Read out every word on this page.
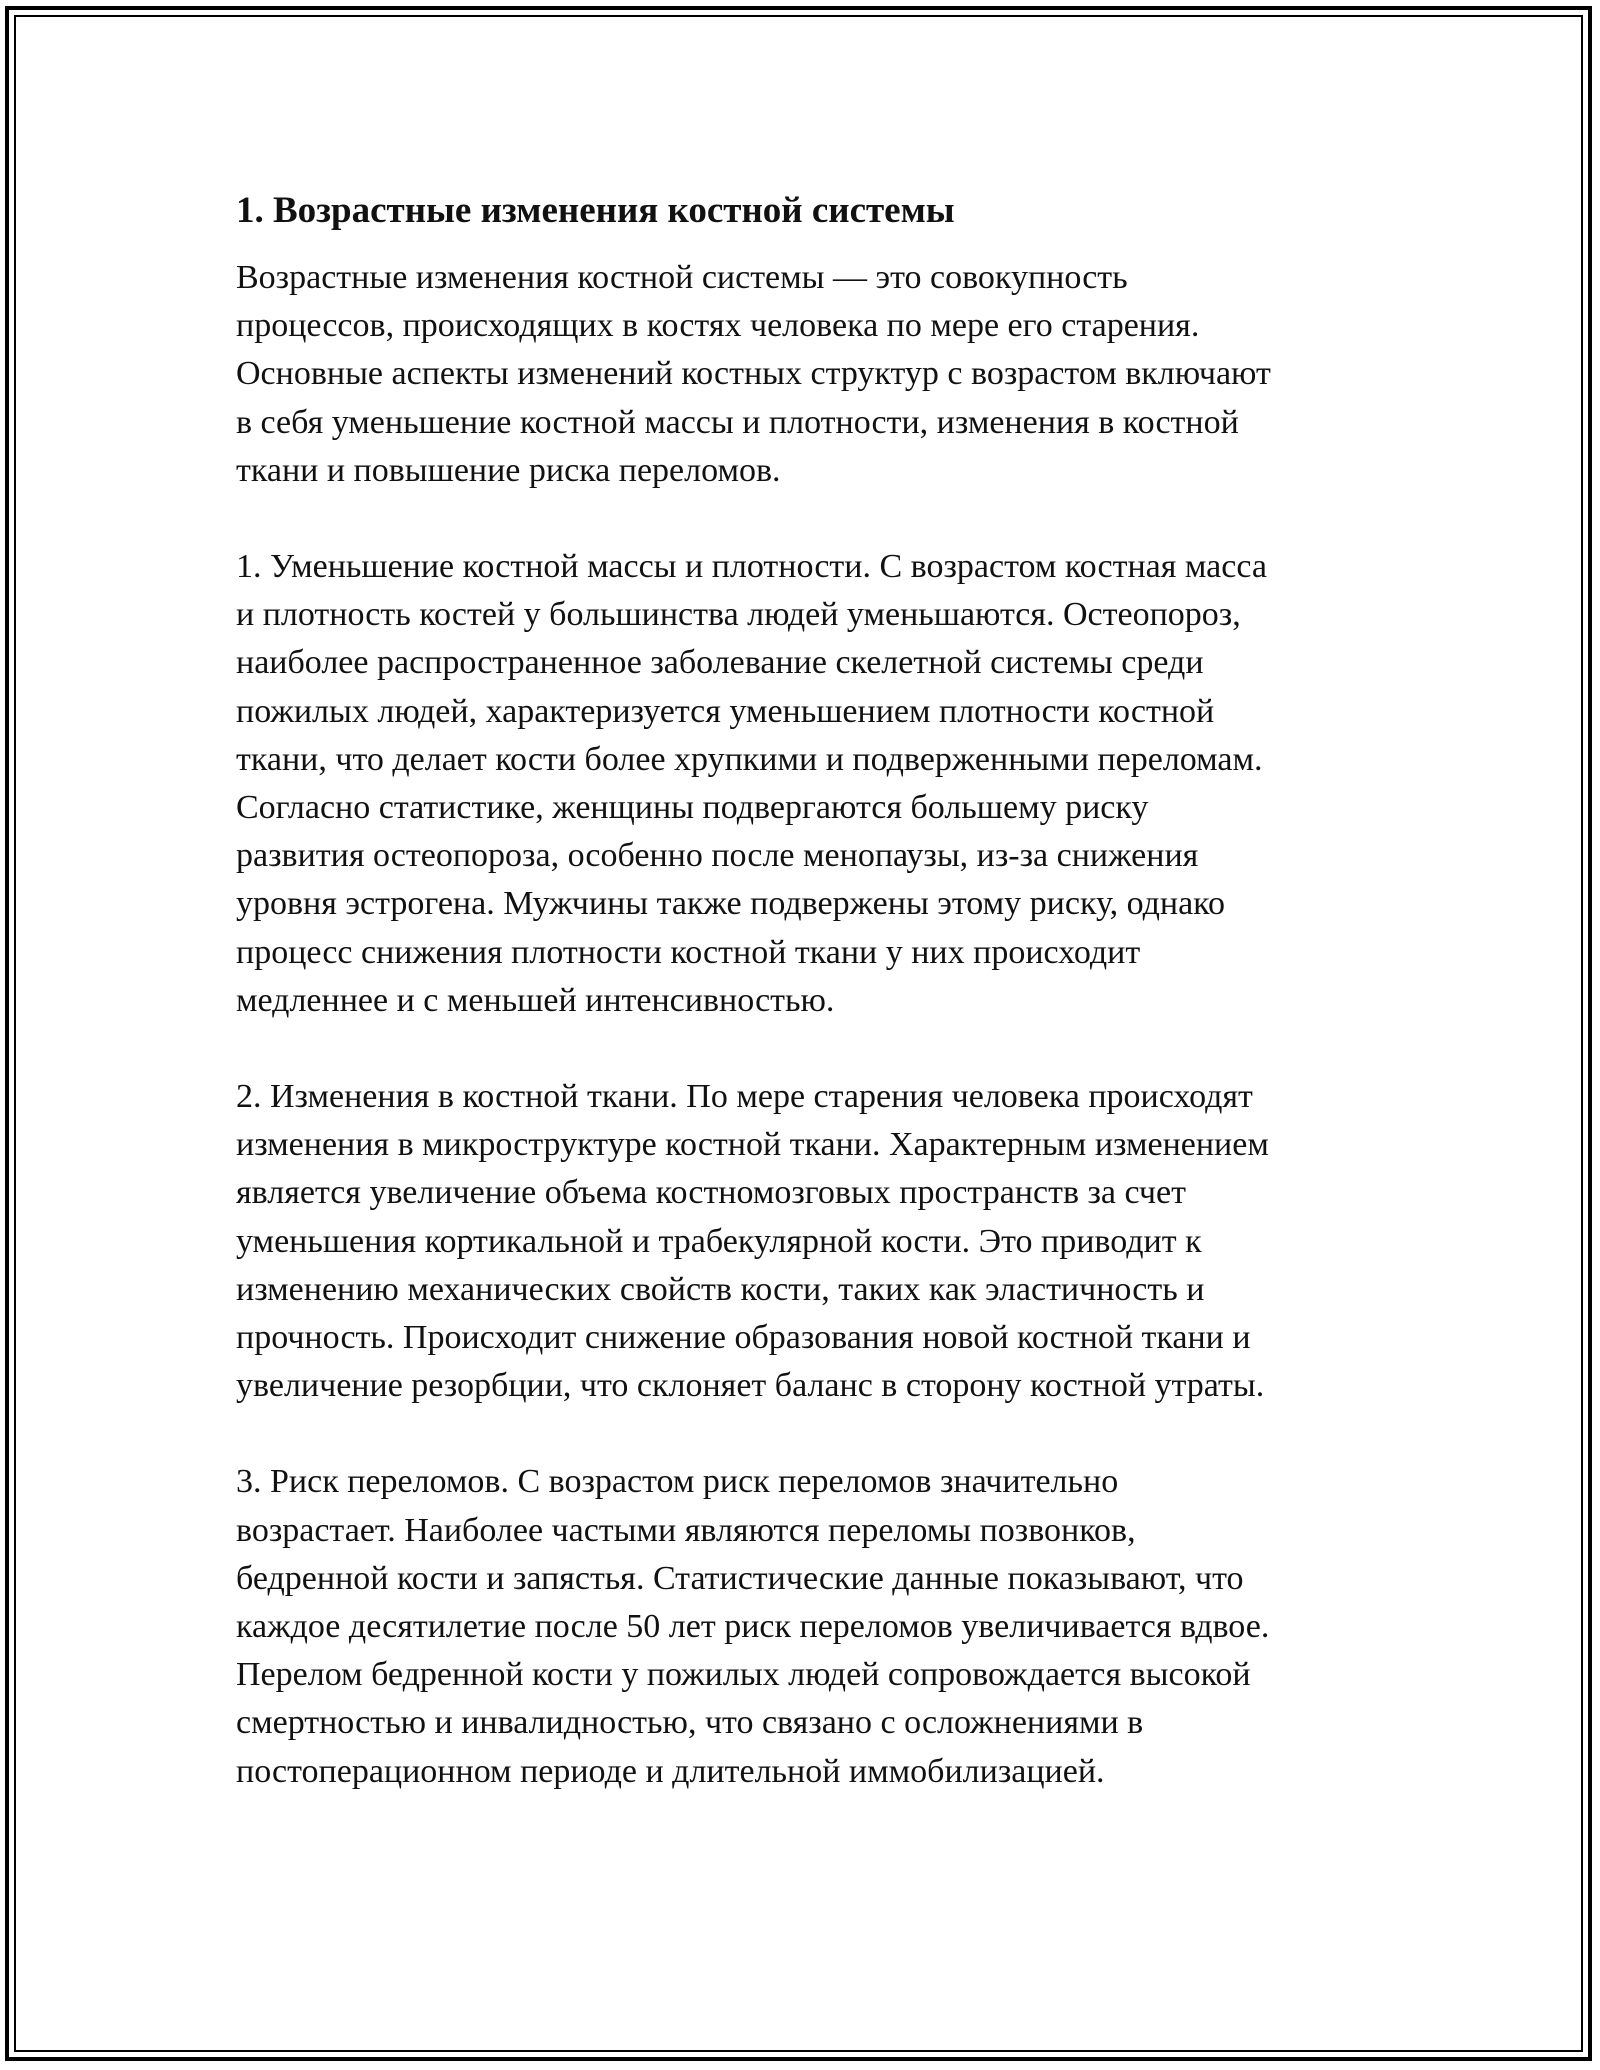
1. Возрастные изменения костной системы

Возрастные изменения костной системы — это совокупность
процессов, происходящих в костях человека по мере его старения.
Основные аспекты изменений костных структур с возрастом включают
в себя уменьшение костной массы и плотности, изменения в костной
ткани и повышение риска переломов.

1. Уменьшение костной массы и плотности. С возрастом костная масса
и плотность костей у большинства людей уменьшаются. Остеопороз,
наиболее распространенное заболевание скелетной системы среди
пожилых людей, характеризуется уменьшением плотности костной
ткани, что делает кости более хрупкими и подверженными переломам.
Согласно статистике, женщины подвергаются большему риску
развития остеопороза, особенно после менопаузы, из-за снижения
уровня эстрогена. Мужчины также подвержены этому риску, однако
процесс снижения плотности костной ткани у них происходит
медленнее и с меньшей интенсивностью.

2. Изменения в костной ткани. По мере старения человека происходят
изменения в микроструктуре костной ткани. Характерным изменением
является увеличение объема костномозговых пространств за счет
уменьшения кортикальной и трабекулярной кости. Это приводит к
изменению механических свойств кости, таких как эластичность и
прочность. Происходит снижение образования новой костной ткани и
увеличение резорбции, что склоняет баланс в сторону костной утраты.

3. Риск переломов. С возрастом риск переломов значительно
возрастает. Наиболее частыми являются переломы позвонков,
бедренной кости и запястья. Статистические данные показывают, что
каждое десятилетие после 50 лет риск переломов увеличивается вдвое.
Перелом бедренной кости у пожилых людей сопровождается высокой
смертностью и инвалидностью, что связано с осложнениями в
постоперационном периоде и длительной иммобилизацией.
